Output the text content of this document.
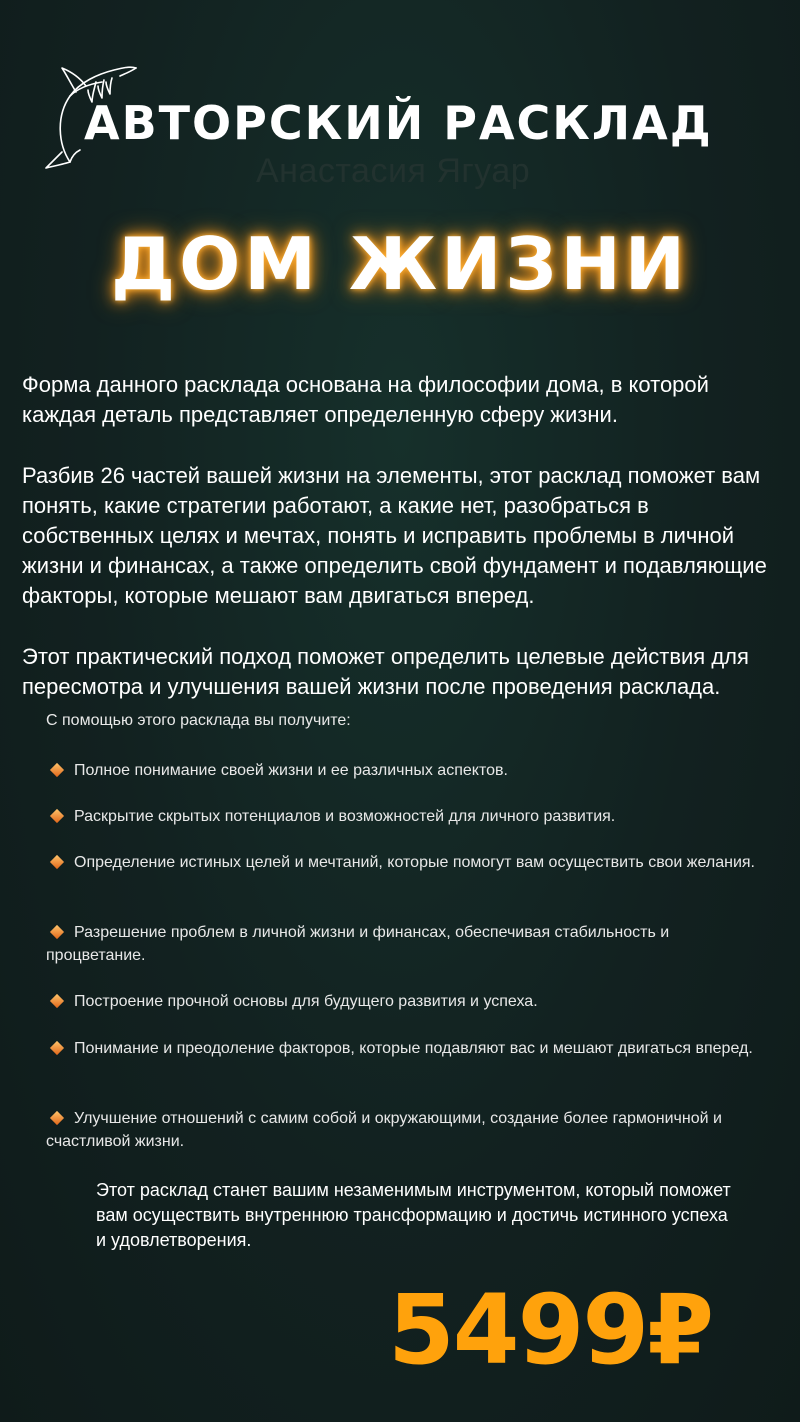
АВТОРСКИЙ РАСКЛАД
Анастасия Ягуар
ДОМ ЖИЗНИ

Форма данного расклада основана на философии дома, в которой каждая деталь представляет определенную сферу жизни.

Разбив 26 частей вашей жизни на элементы, этот расклад поможет вам понять, какие стратегии работают, а какие нет, разобраться в собственных целях и мечтах, понять и исправить проблемы в личной жизни и финансах, а также определить свой фундамент и подавляющие факторы, которые мешают вам двигаться вперед.

Этот практический подход поможет определить целевые действия для пересмотра и улучшения вашей жизни после проведения расклада.

С помощью этого расклада вы получите:
Полное понимание своей жизни и ее различных аспектов.
Раскрытие скрытых потенциалов и возможностей для личного развития.
Определение истиных целей и мечтаний, которые помогут вам осуществить свои желания.
Разрешение проблем в личной жизни и финансах, обеспечивая стабильность и процветание.
Построение прочной основы для будущего развития и успеха.
Понимание и преодоление факторов, которые подавляют вас и мешают двигаться вперед.
Улучшение отношений с самим собой и окружающими, создание более гармоничной и счастливой жизни.
Этот расклад станет вашим незаменимым инструментом, который поможет вам осуществить внутреннюю трансформацию и достичь истинного успеха и удовлетворения.
5499₽
